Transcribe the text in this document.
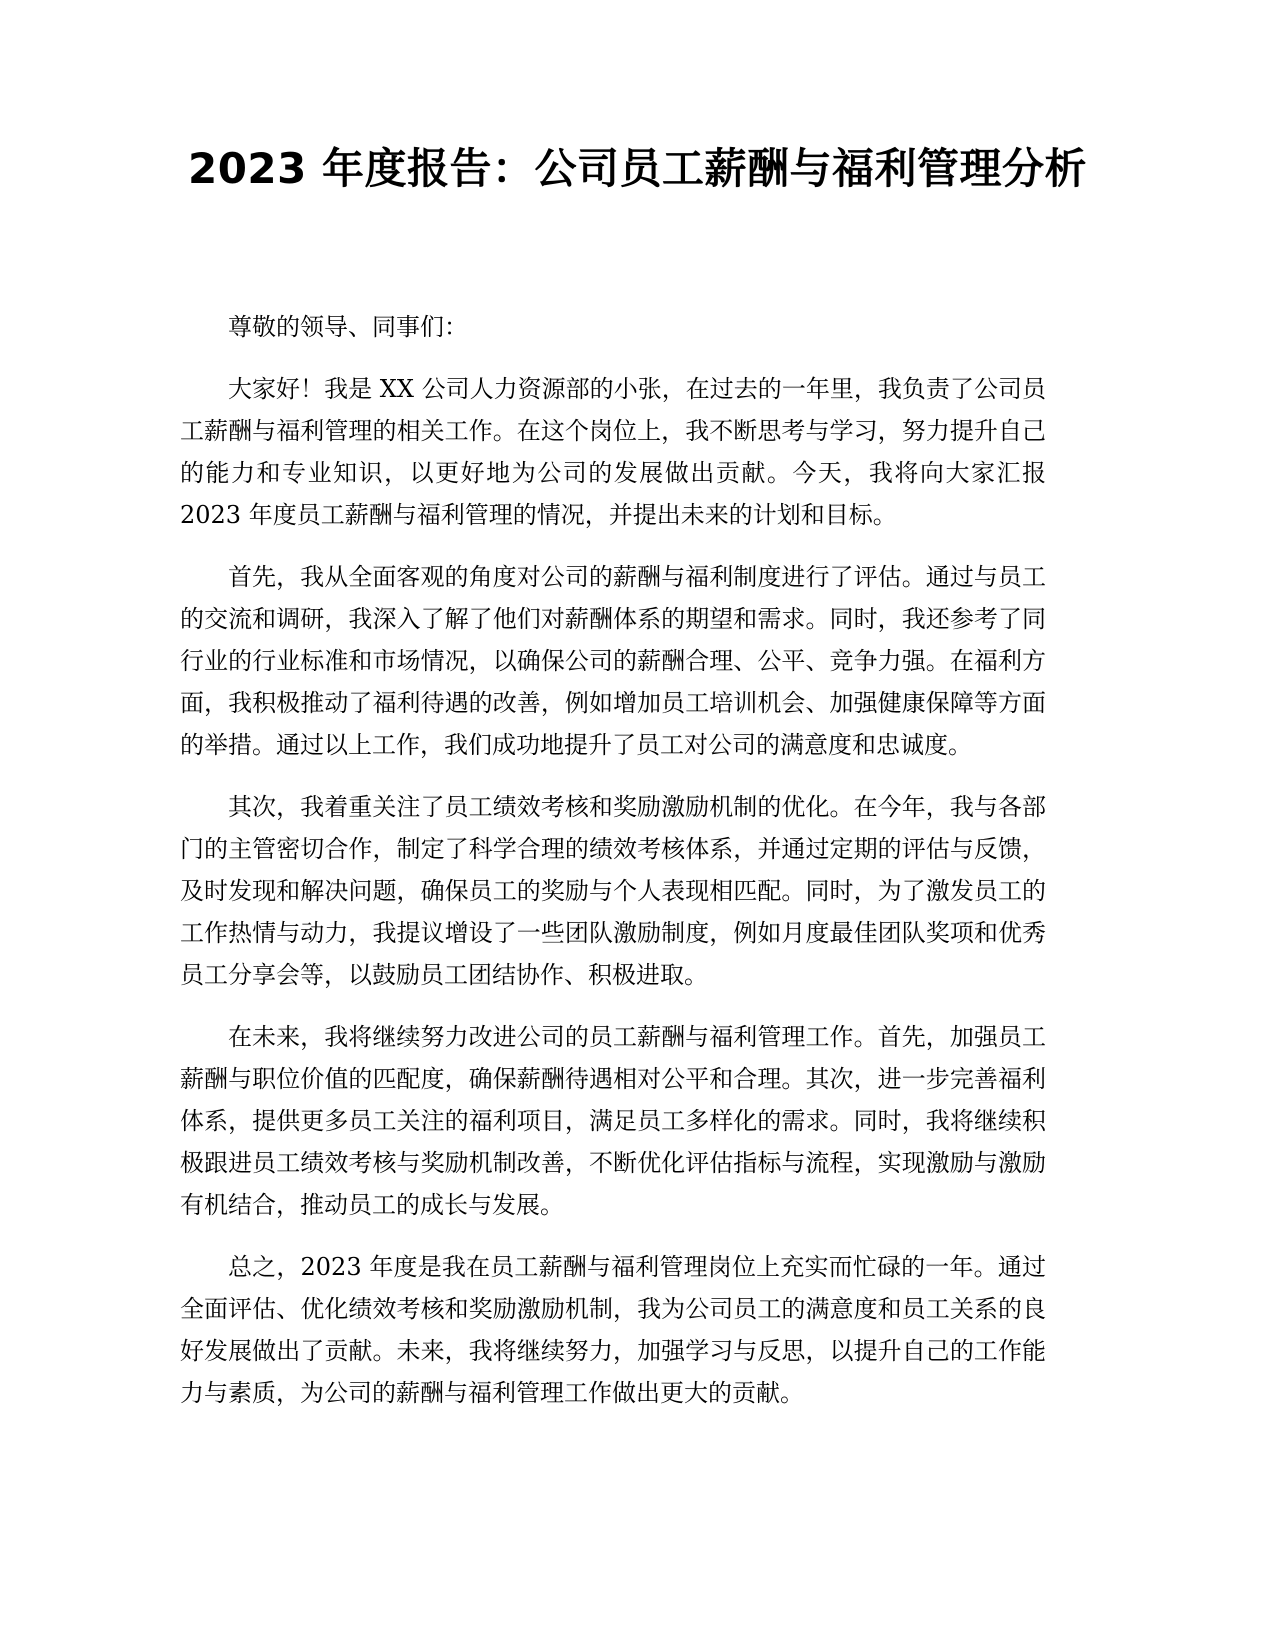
2023 年度报告：公司员工薪酬与福利管理分析

尊敬的领导、同事们：

大家好！我是 XX 公司人力资源部的小张，在过去的一年里，我负责了公司员工薪酬与福利管理的相关工作。在这个岗位上，我不断思考与学习，努力提升自己的能力和专业知识，以更好地为公司的发展做出贡献。今天，我将向大家汇报 2023 年度员工薪酬与福利管理的情况，并提出未来的计划和目标。

首先，我从全面客观的角度对公司的薪酬与福利制度进行了评估。通过与员工的交流和调研，我深入了解了他们对薪酬体系的期望和需求。同时，我还参考了同行业的行业标准和市场情况，以确保公司的薪酬合理、公平、竞争力强。在福利方面，我积极推动了福利待遇的改善，例如增加员工培训机会、加强健康保障等方面的举措。通过以上工作，我们成功地提升了员工对公司的满意度和忠诚度。

其次，我着重关注了员工绩效考核和奖励激励机制的优化。在今年，我与各部门的主管密切合作，制定了科学合理的绩效考核体系，并通过定期的评估与反馈，及时发现和解决问题，确保员工的奖励与个人表现相匹配。同时，为了激发员工的工作热情与动力，我提议增设了一些团队激励制度，例如月度最佳团队奖项和优秀员工分享会等，以鼓励员工团结协作、积极进取。

在未来，我将继续努力改进公司的员工薪酬与福利管理工作。首先，加强员工薪酬与职位价值的匹配度，确保薪酬待遇相对公平和合理。其次，进一步完善福利体系，提供更多员工关注的福利项目，满足员工多样化的需求。同时，我将继续积极跟进员工绩效考核与奖励机制改善，不断优化评估指标与流程，实现激励与激励有机结合，推动员工的成长与发展。

总之，2023 年度是我在员工薪酬与福利管理岗位上充实而忙碌的一年。通过全面评估、优化绩效考核和奖励激励机制，我为公司员工的满意度和员工关系的良好发展做出了贡献。未来，我将继续努力，加强学习与反思，以提升自己的工作能力与素质，为公司的薪酬与福利管理工作做出更大的贡献。
